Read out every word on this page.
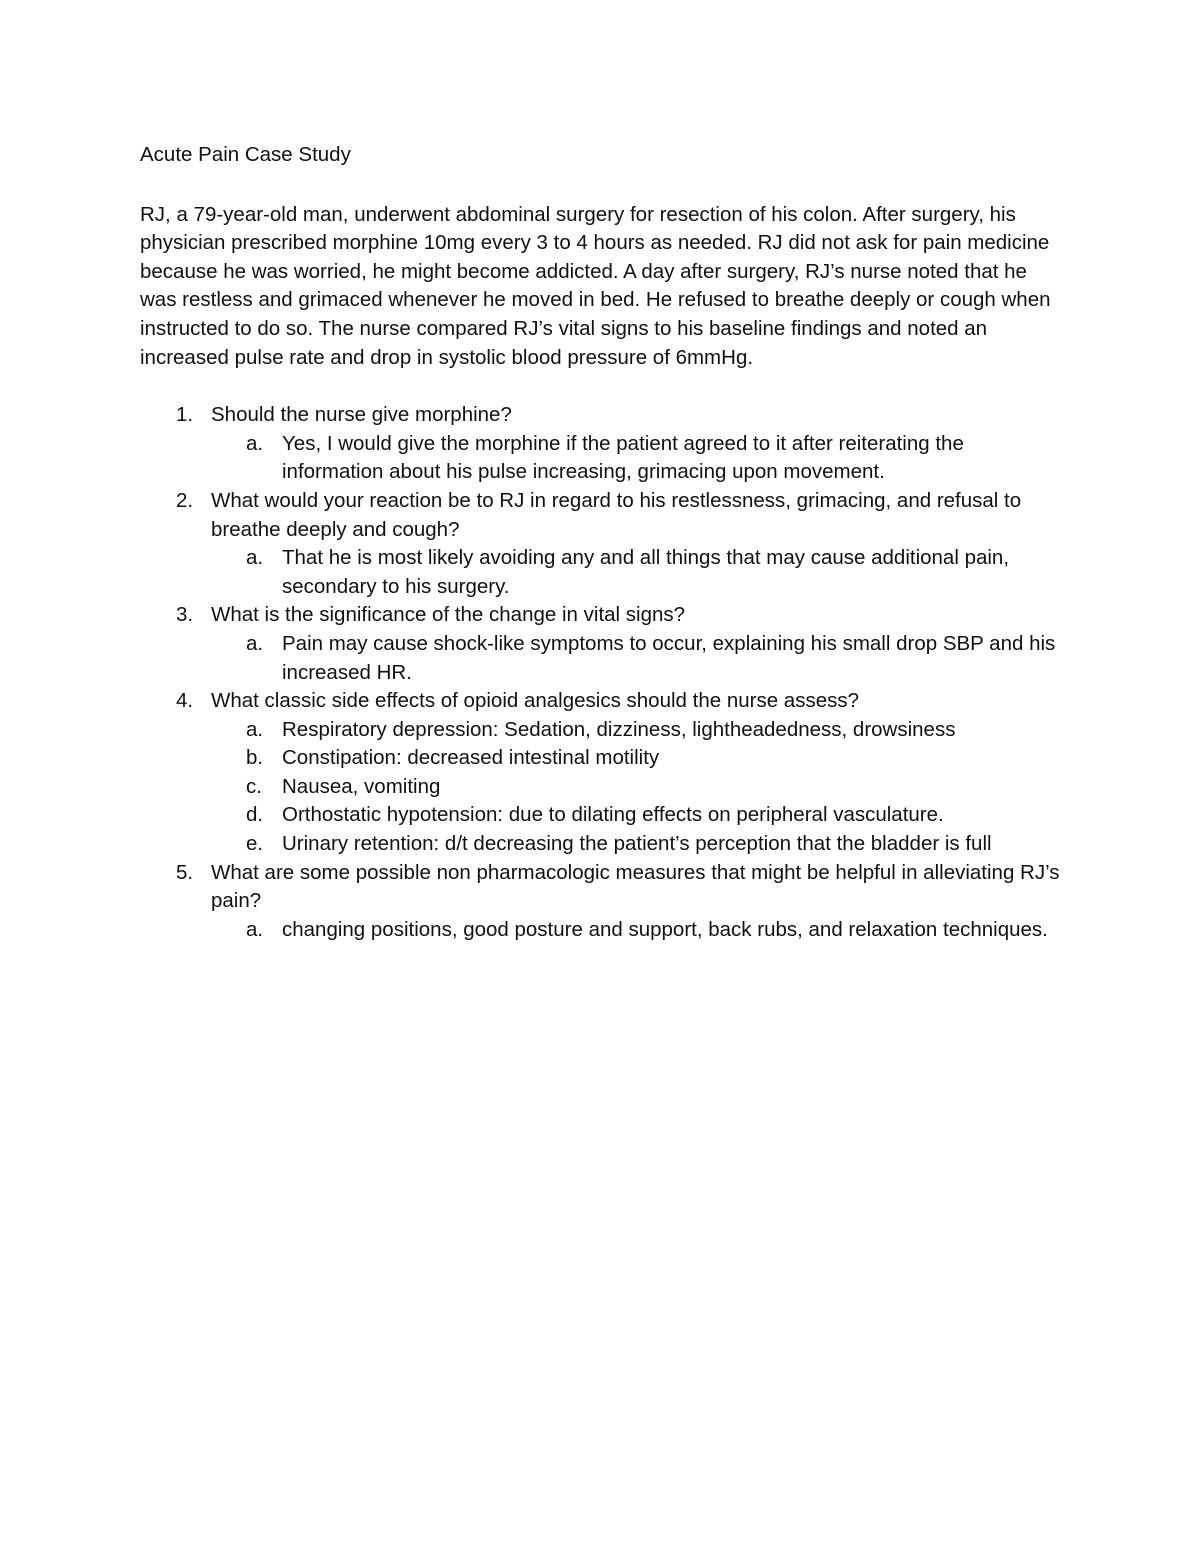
Acute Pain Case Study

RJ, a 79-year-old man, underwent abdominal surgery for resection of his colon. After surgery, his physician prescribed morphine 10mg every 3 to 4 hours as needed. RJ did not ask for pain medicine because he was worried, he might become addicted. A day after surgery, RJ’s nurse noted that he was restless and grimaced whenever he moved in bed. He refused to breathe deeply or cough when instructed to do so. The nurse compared RJ’s vital signs to his baseline findings and noted an increased pulse rate and drop in systolic blood pressure of 6mmHg.

1. Should the nurse give morphine?
a. Yes, I would give the morphine if the patient agreed to it after reiterating the information about his pulse increasing, grimacing upon movement.
2. What would your reaction be to RJ in regard to his restlessness, grimacing, and refusal to breathe deeply and cough?
a. That he is most likely avoiding any and all things that may cause additional pain, secondary to his surgery.
3. What is the significance of the change in vital signs?
a. Pain may cause shock-like symptoms to occur, explaining his small drop SBP and his increased HR.
4. What classic side effects of opioid analgesics should the nurse assess?
a. Respiratory depression: Sedation, dizziness, lightheadedness, drowsiness
b. Constipation: decreased intestinal motility
c. Nausea, vomiting
d. Orthostatic hypotension: due to dilating effects on peripheral vasculature.
e. Urinary retention: d/t decreasing the patient’s perception that the bladder is full
5. What are some possible non pharmacologic measures that might be helpful in alleviating RJ’s pain?
a. changing positions, good posture and support, back rubs, and relaxation techniques.
